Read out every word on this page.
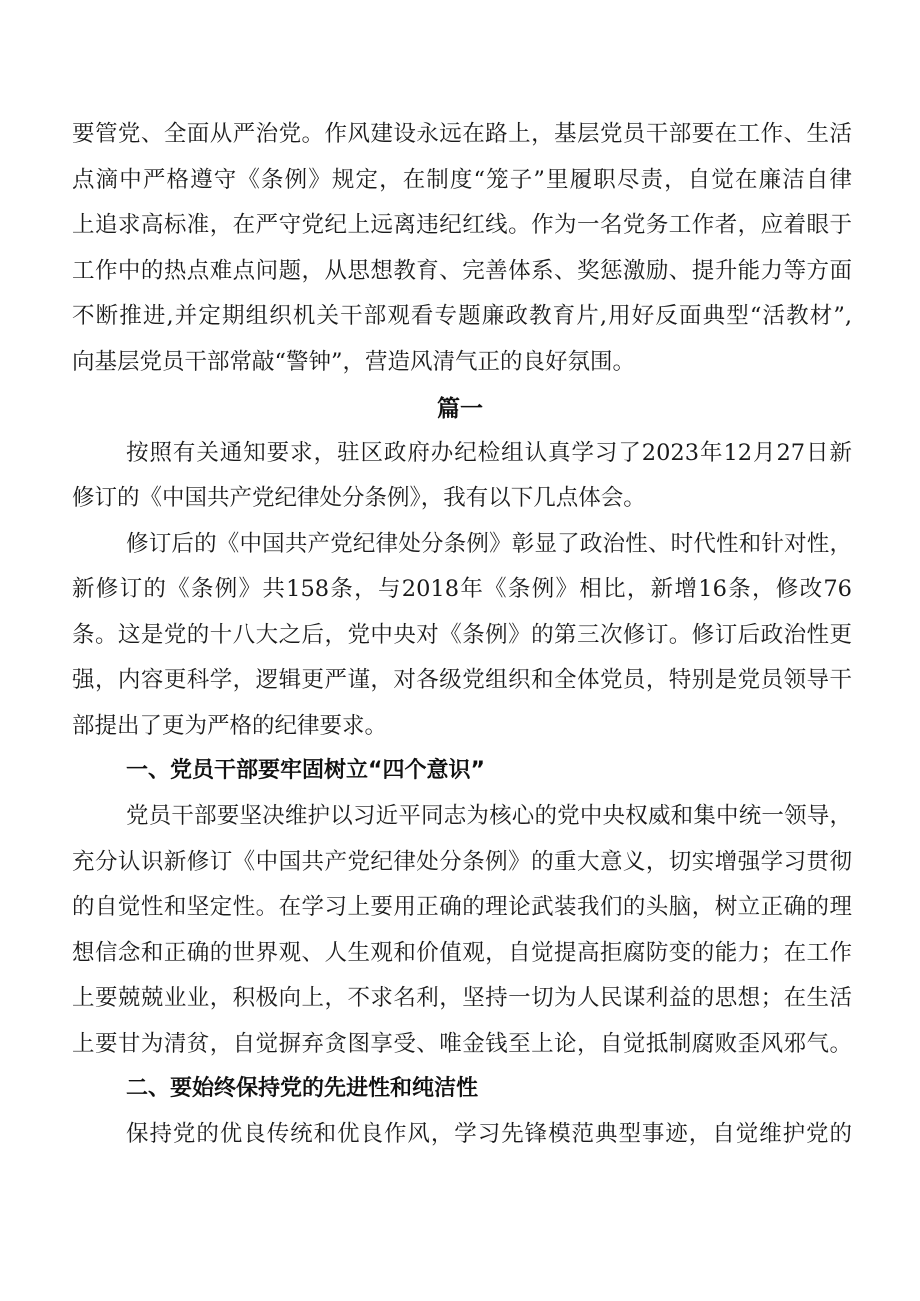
要管党、全面从严治党。作风建设永远在路上，基层党员干部要在工作、生活
点滴中严格遵守《条例》规定，在制度“笼子”里履职尽责，自觉在廉洁自律
上追求高标准，在严守党纪上远离违纪红线。作为一名党务工作者，应着眼于
工作中的热点难点问题，从思想教育、完善体系、奖惩激励、提升能力等方面
不断推进,并定期组织机关干部观看专题廉政教育片,用好反面典型“活教材”,
向基层党员干部常敲“警钟”，营造风清气正的良好氛围。
篇一
按照有关通知要求，驻区政府办纪检组认真学习了2023年12月27日新
修订的《中国共产党纪律处分条例》，我有以下几点体会。
修订后的《中国共产党纪律处分条例》彰显了政治性、时代性和针对性，
新修订的《条例》共158条，与2018年《条例》相比，新增16条，修改76
条。这是党的十八大之后，党中央对《条例》的第三次修订。修订后政治性更
强，内容更科学，逻辑更严谨，对各级党组织和全体党员，特别是党员领导干
部提出了更为严格的纪律要求。
一、党员干部要牢固树立“四个意识”
党员干部要坚决维护以习近平同志为核心的党中央权威和集中统一领导，
充分认识新修订《中国共产党纪律处分条例》的重大意义，切实增强学习贯彻
的自觉性和坚定性。在学习上要用正确的理论武装我们的头脑，树立正确的理
想信念和正确的世界观、人生观和价值观，自觉提高拒腐防变的能力；在工作
上要兢兢业业，积极向上，不求名利，坚持一切为人民谋利益的思想；在生活
上要甘为清贫，自觉摒弃贪图享受、唯金钱至上论，自觉抵制腐败歪风邪气。
二、要始终保持党的先进性和纯洁性
保持党的优良传统和优良作风，学习先锋模范典型事迹，自觉维护党的
